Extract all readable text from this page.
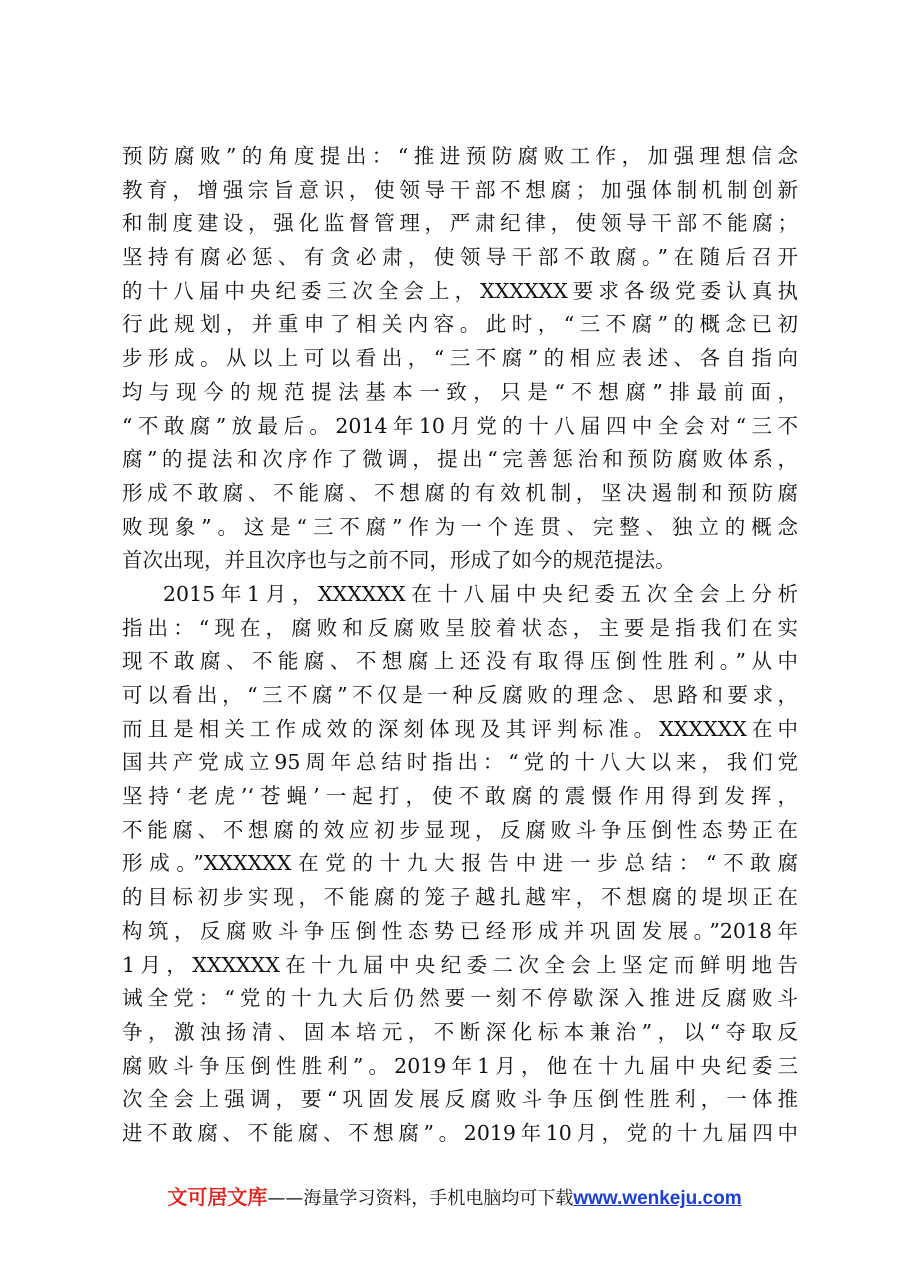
预防腐败”的角度提出：“推进预防腐败工作，加强理想信念
教育，增强宗旨意识，使领导干部不想腐；加强体制机制创新
和制度建设，强化监督管理，严肃纪律，使领导干部不能腐；
坚持有腐必惩、有贪必肃，使领导干部不敢腐。”在随后召开
的十八届中央纪委三次全会上，XXXXXX要求各级党委认真执
行此规划，并重申了相关内容。此时，“三不腐”的概念已初
步形成。从以上可以看出，“三不腐”的相应表述、各自指向
均与现今的规范提法基本一致，只是“不想腐”排最前面，
“不敢腐”放最后。2014年10月党的十八届四中全会对“三不
腐”的提法和次序作了微调，提出“完善惩治和预防腐败体系，
形成不敢腐、不能腐、不想腐的有效机制，坚决遏制和预防腐
败现象”。这是“三不腐”作为一个连贯、完整、独立的概念
首次出现，并且次序也与之前不同，形成了如今的规范提法。
2015年1月，XXXXXX在十八届中央纪委五次全会上分析
指出：“现在，腐败和反腐败呈胶着状态，主要是指我们在实
现不敢腐、不能腐、不想腐上还没有取得压倒性胜利。”从中
可以看出，“三不腐”不仅是一种反腐败的理念、思路和要求，
而且是相关工作成效的深刻体现及其评判标准。XXXXXX在中
国共产党成立95周年总结时指出：“党的十八大以来，我们党
坚持‘老虎’‘苍蝇’一起打，使不敢腐的震慑作用得到发挥，
不能腐、不想腐的效应初步显现，反腐败斗争压倒性态势正在
形成。”XXXXXX在党的十九大报告中进一步总结：“不敢腐
的目标初步实现，不能腐的笼子越扎越牢，不想腐的堤坝正在
构筑，反腐败斗争压倒性态势已经形成并巩固发展。”2018年
1月，XXXXXX在十九届中央纪委二次全会上坚定而鲜明地告
诫全党：“党的十九大后仍然要一刻不停歇深入推进反腐败斗
争，激浊扬清、固本培元，不断深化标本兼治”，以“夺取反
腐败斗争压倒性胜利”。2019年1月，他在十九届中央纪委三
次全会上强调，要“巩固发展反腐败斗争压倒性胜利，一体推
进不敢腐、不能腐、不想腐”。2019年10月，党的十九届四中
文可居文库——海量学习资料，手机电脑均可下载www.wenkeju.com
